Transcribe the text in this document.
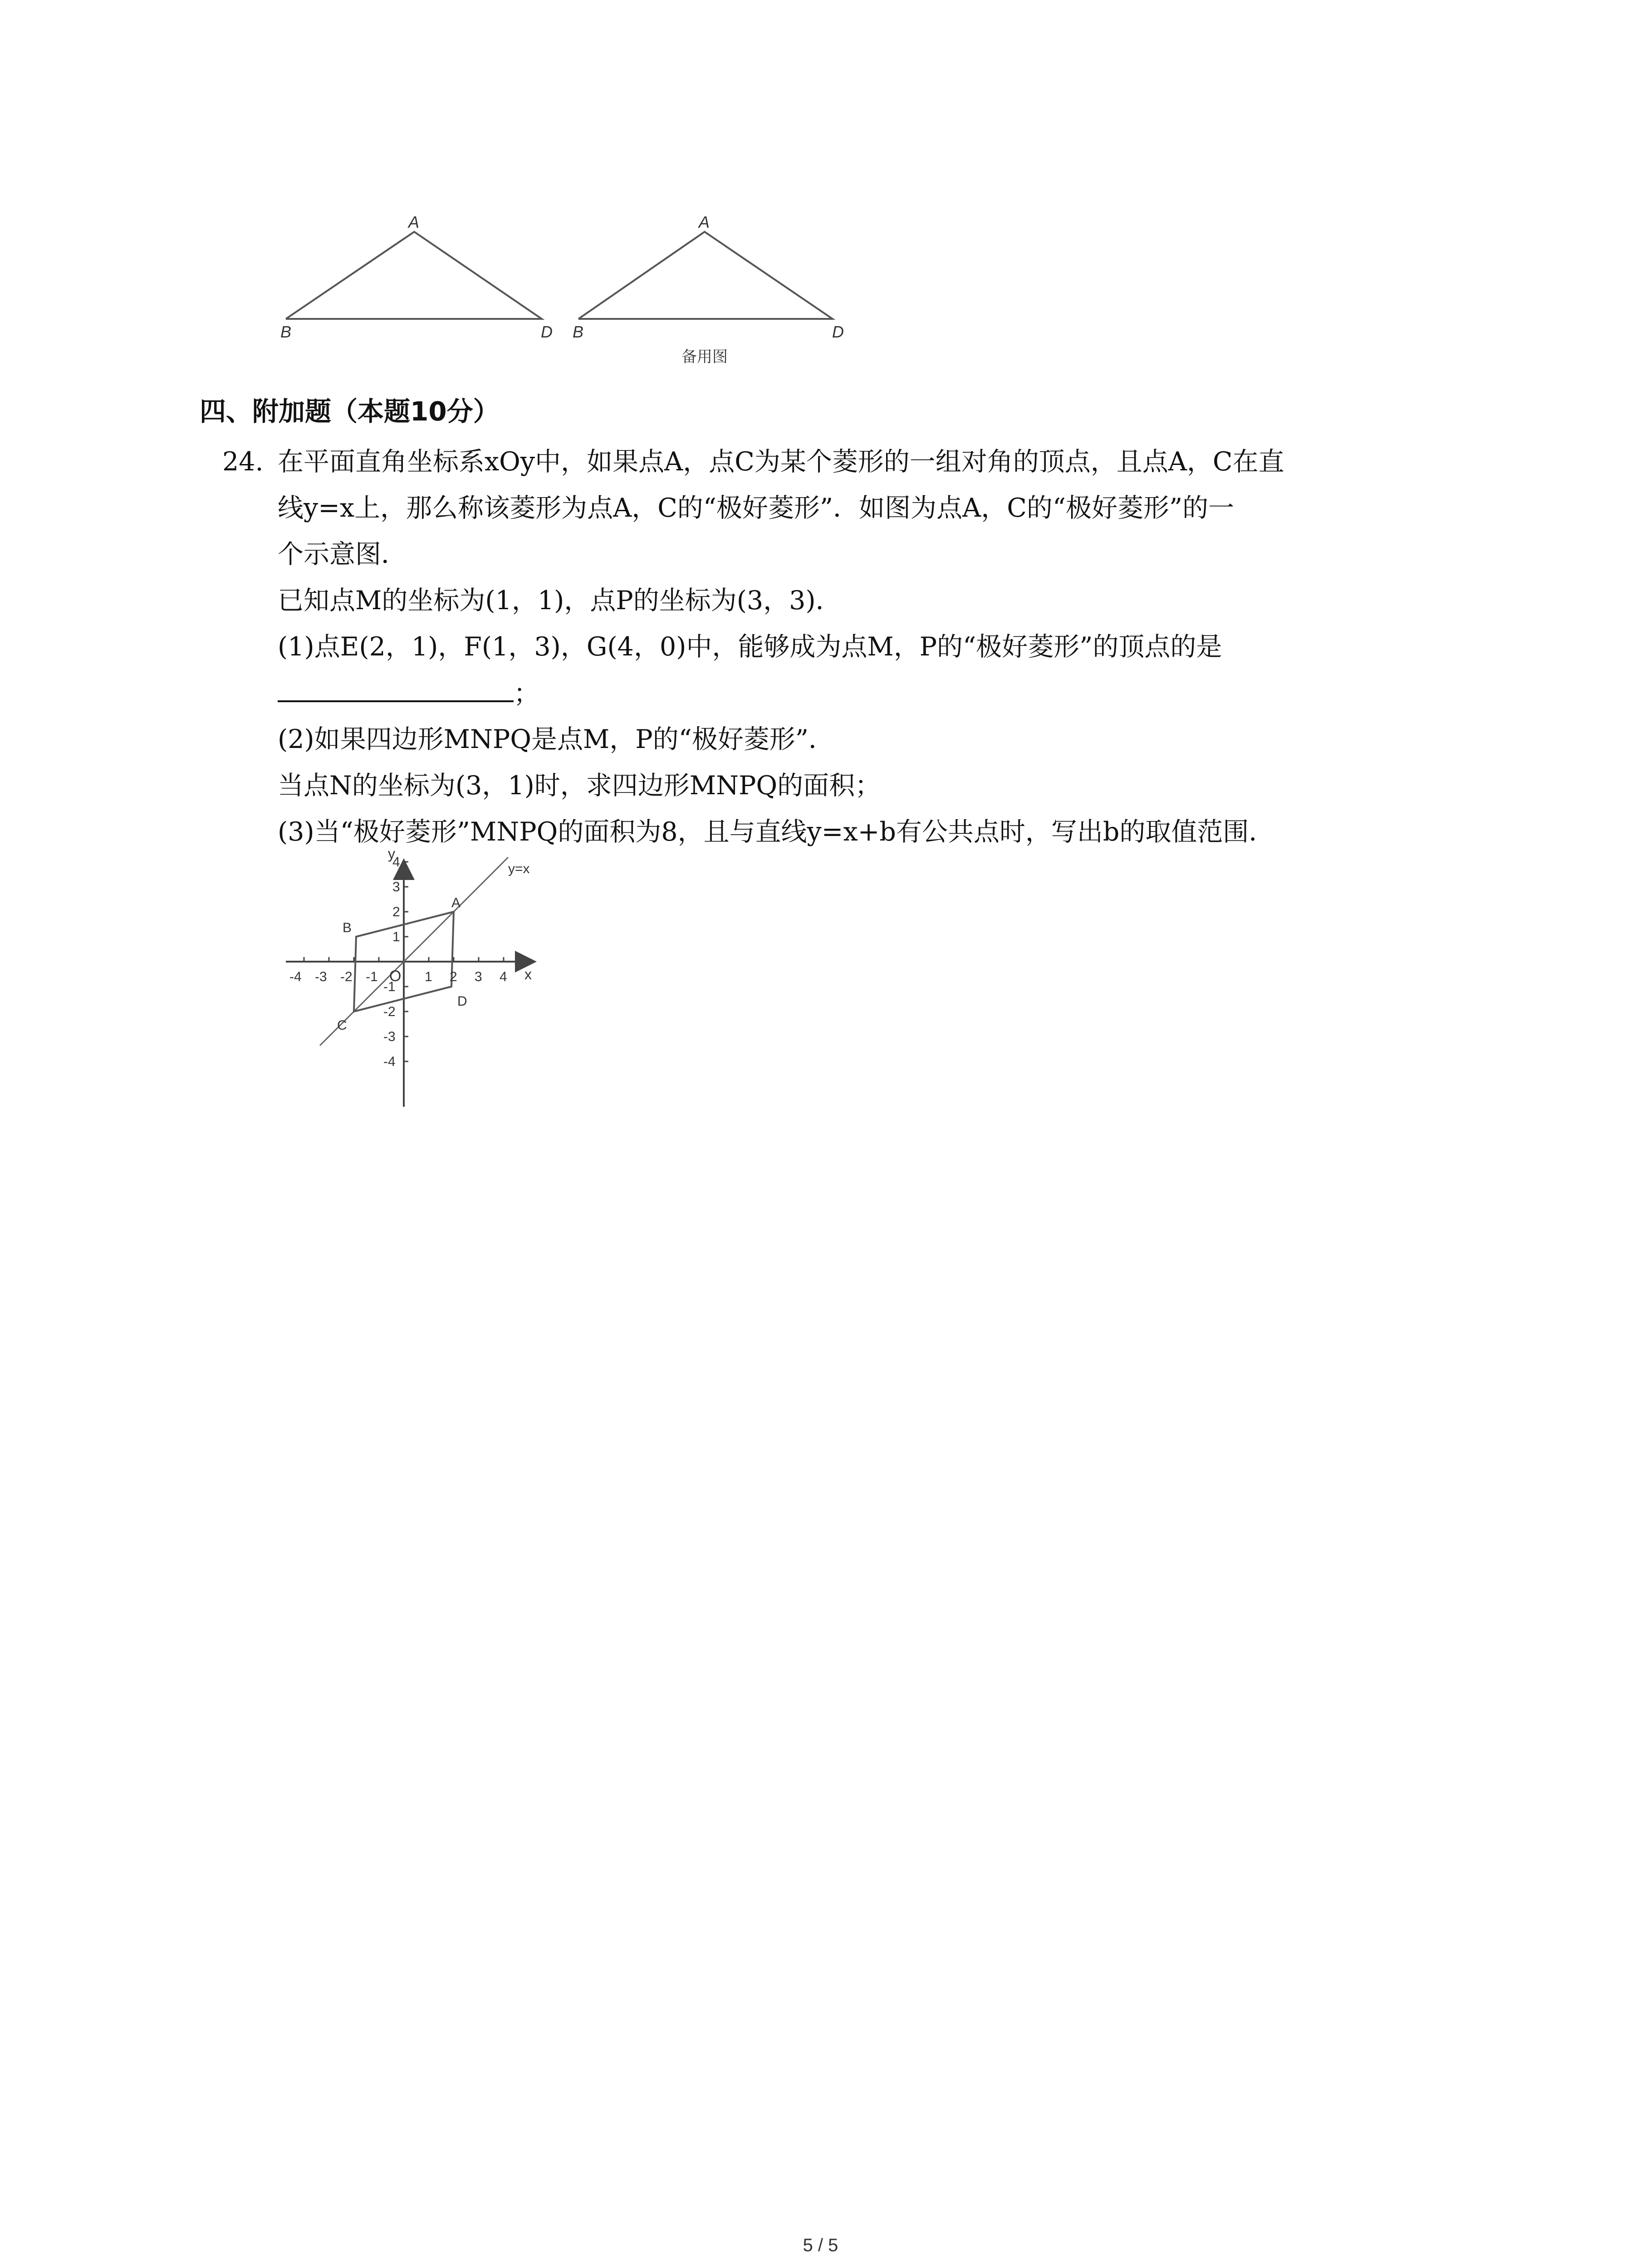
A
B	D
A
B	D
备用图
四、附加题（本题10分）
24. 在平面直角坐标系xOy中，如果点A，点C为某个菱形的一组对角的顶点，且点A，C在直
线y=x上，那么称该菱形为点A，C的“极好菱形”．如图为点A，C的“极好菱形”的一
个示意图．
已知点M的坐标为(1，1)，点P的坐标为(3，3)．
(1)点E(2，1)，F(1，3)，G(4，0)中，能够成为点M，P的“极好菱形”的顶点的是
；
(2)如果四边形MNPQ是点M，P的“极好菱形”．
当点N的坐标为(3，1)时，求四边形MNPQ的面积；
(3)当“极好菱形”MNPQ的面积为8，且与直线y=x+b有公共点时，写出b的取值范围．
-4 -3 -2 -1	1 2 3 4
4
3
2
1
-1
-2
-3
-4
x
y
O
y=x
A
B
C
D
5 / 5
